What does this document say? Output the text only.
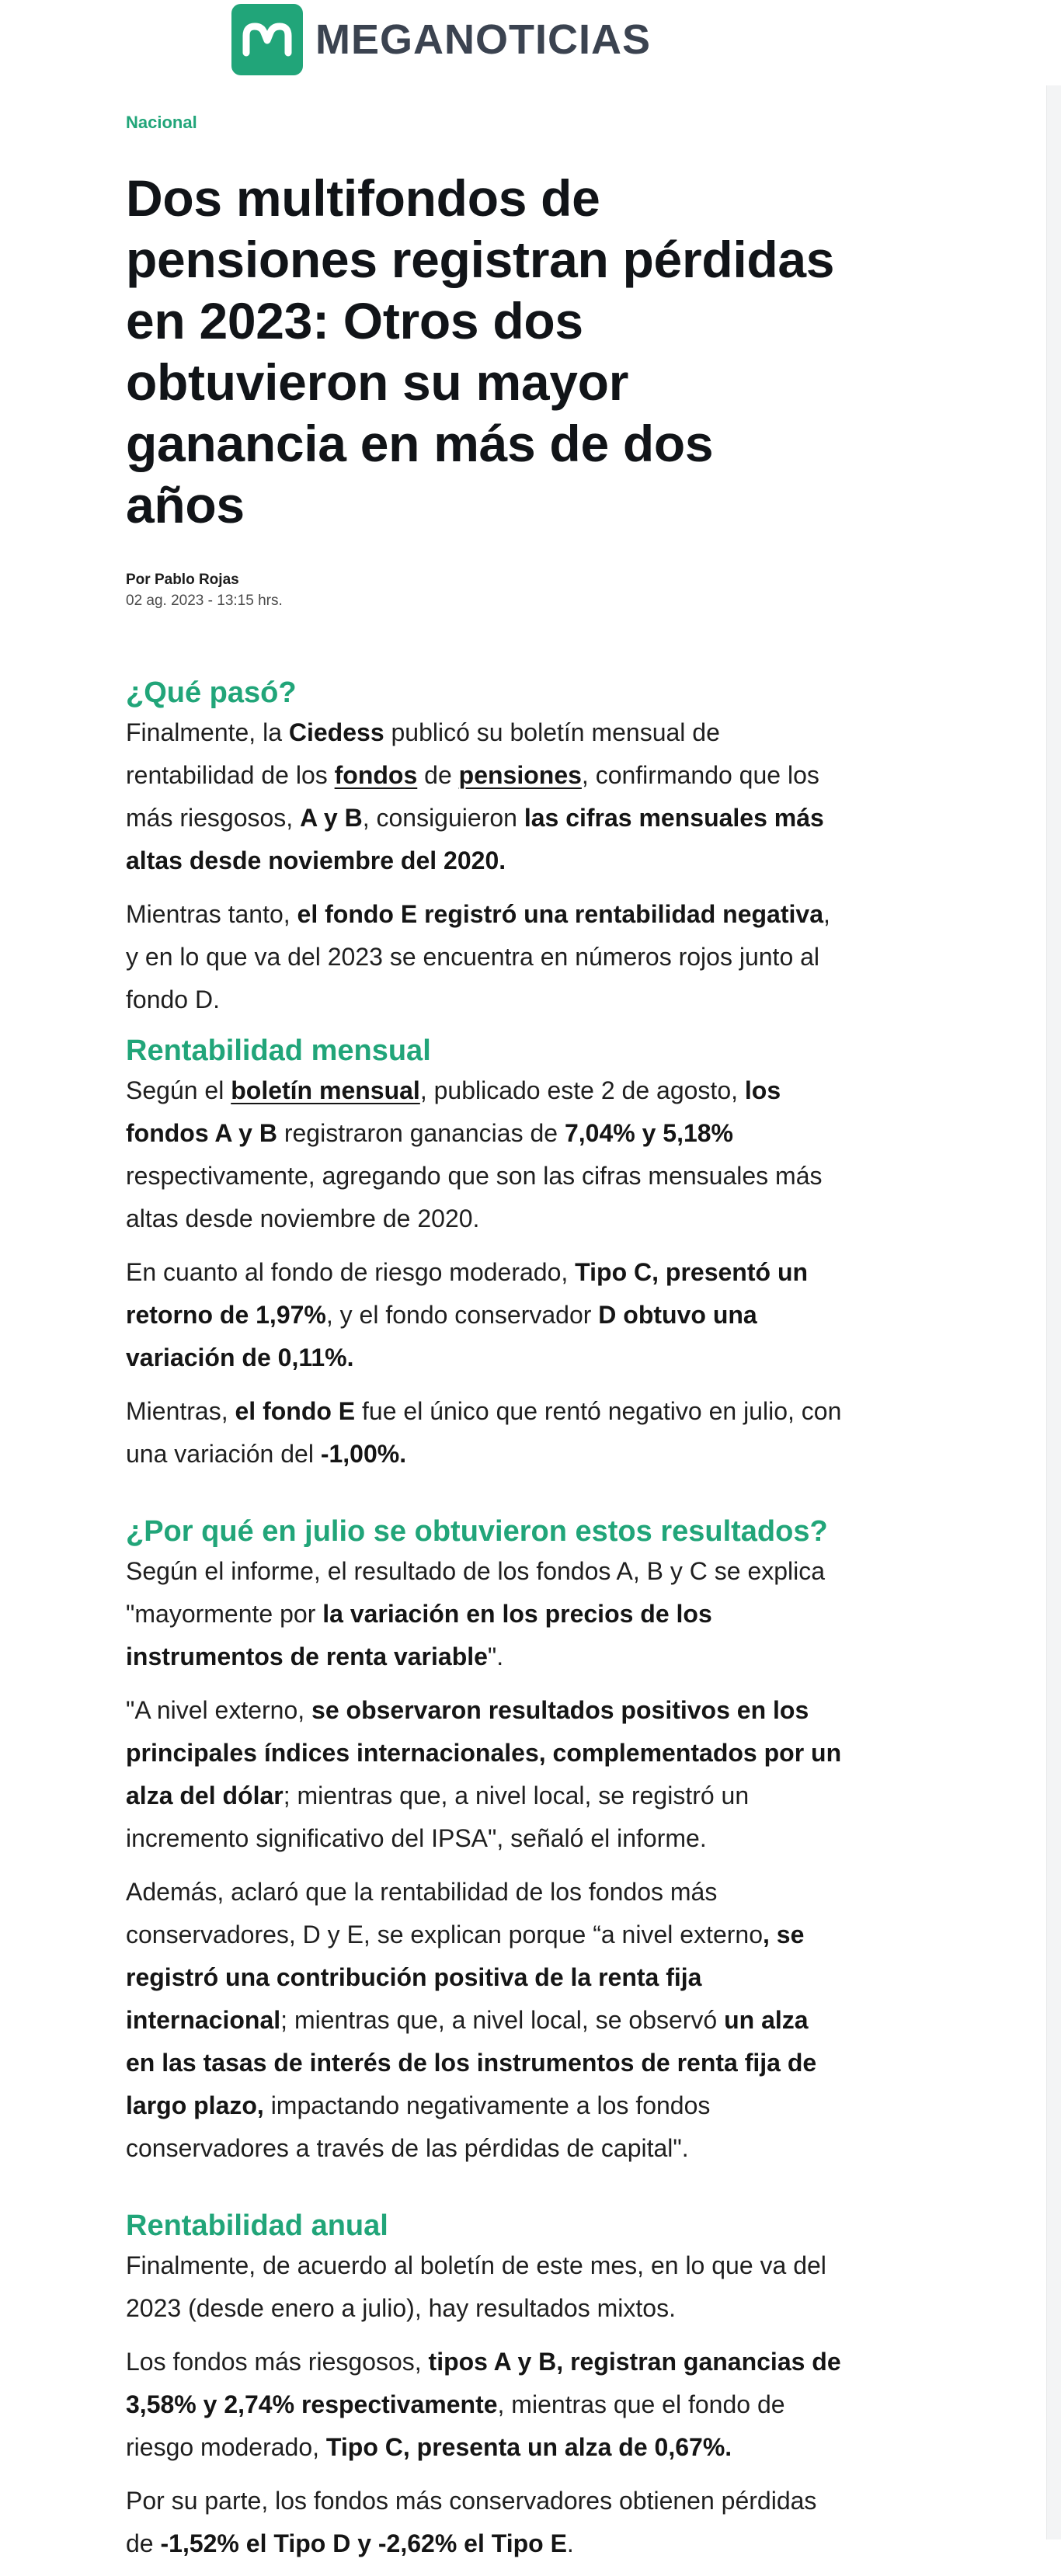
MEGANOTICIAS
Nacional
Dos multifondos de pensiones registran pérdidas en 2023: Otros dos obtuvieron su mayor ganancia en más de dos años
Por Pablo Rojas
02 ag. 2023 - 13:15 hrs.
¿Qué pasó?

Finalmente, la Ciedess publicó su boletín mensual de rentabilidad de los fondos de pensiones, confirmando que los más riesgosos, A y B, consiguieron las cifras mensuales más altas desde noviembre del 2020.

Mientras tanto, el fondo E registró una rentabilidad negativa, y en lo que va del 2023 se encuentra en números rojos junto al fondo D.

Rentabilidad mensual

Según el boletín mensual, publicado este 2 de agosto, los fondos A y B registraron ganancias de 7,04% y 5,18% respectivamente, agregando que son las cifras mensuales más altas desde noviembre de 2020.

En cuanto al fondo de riesgo moderado, Tipo C, presentó un retorno de 1,97%, y el fondo conservador D obtuvo una variación de 0,11%.

Mientras, el fondo E fue el único que rentó negativo en julio, con una variación del -1,00%.

¿Por qué en julio se obtuvieron estos resultados?

Según el informe, el resultado de los fondos A, B y C se explica "mayormente por la variación en los precios de los instrumentos de renta variable".

"A nivel externo, se observaron resultados positivos en los principales índices internacionales, complementados por un alza del dólar; mientras que, a nivel local, se registró un incremento significativo del IPSA", señaló el informe.

Además, aclaró que la rentabilidad de los fondos más conservadores, D y E, se explican porque “a nivel externo, se registró una contribución positiva de la renta fija internacional; mientras que, a nivel local, se observó un alza en las tasas de interés de los instrumentos de renta fija de largo plazo, impactando negativamente a los fondos conservadores a través de las pérdidas de capital".

Rentabilidad anual

Finalmente, de acuerdo al boletín de este mes, en lo que va del 2023 (desde enero a julio), hay resultados mixtos.

Los fondos más riesgosos, tipos A y B, registran ganancias de 3,58% y 2,74% respectivamente, mientras que el fondo de riesgo moderado, Tipo C, presenta un alza de 0,67%.

Por su parte, los fondos más conservadores obtienen pérdidas de -1,52% el Tipo D y -2,62% el Tipo E.
